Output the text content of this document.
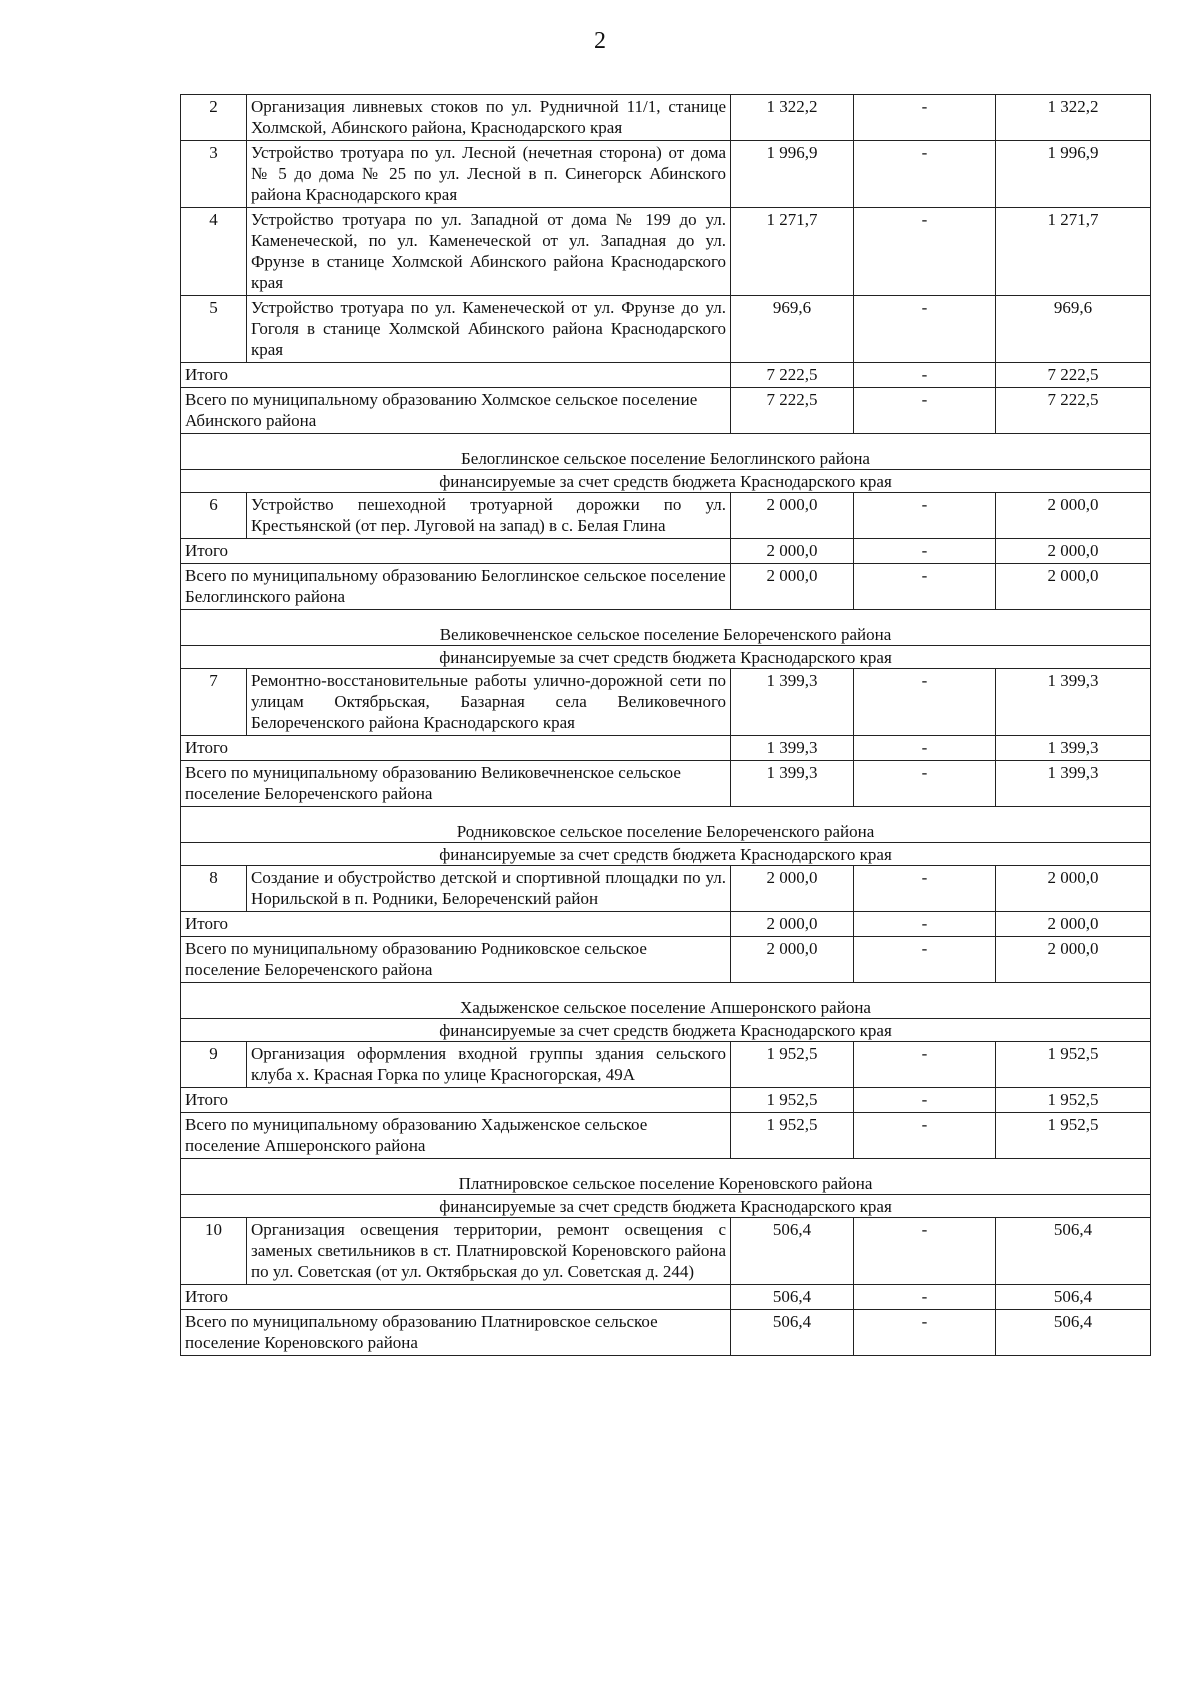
2
2	Организация ливневых стоков по ул. Рудничной 11/1, станице Холмской, Абинского района, Краснодарского края	1 322,2	-	1 322,2
3	Устройство тротуара по ул. Лесной (нечетная сторона) от дома № 5 до дома № 25 по ул. Лесной в п. Синегорск Абинского района Краснодарского края	1 996,9	-	1 996,9
4	Устройство тротуара по ул. Западной от дома № 199 до ул. Каменеческой, по ул. Каменеческой от ул. Западная до ул. Фрунзе в станице Холмской Абинского района Краснодарского края	1 271,7	-	1 271,7
5	Устройство тротуара по ул. Каменеческой от ул. Фрунзе до ул. Гоголя в станице Холмской Абинского района Краснодарского края	969,6	-	969,6
Итого		7 222,5	-	7 222,5
Всего по муниципальному образованию Холмское сельское поселение Абинского района		7 222,5	-	7 222,5
Белоглинское сельское поселение Белоглинского района				
финансируемые за счет средств бюджета Краснодарского края				
6	Устройство пешеходной тротуарной дорожки по ул. Крестьянской (от пер. Луговой на запад) в с. Белая Глина	2 000,0	-	2 000,0
Итого		2 000,0	-	2 000,0
Всего по муниципальному образованию Белоглинское сельское поселение Белоглинского района		2 000,0	-	2 000,0
Великовечненское сельское поселение Белореченского района				
финансируемые за счет средств бюджета Краснодарского края				
7	Ремонтно-восстановительные работы улично-дорожной сети по улицам Октябрьская, Базарная села Великовечного Белореченского района Краснодарского края	1 399,3	-	1 399,3
Итого		1 399,3	-	1 399,3
Всего по муниципальному образованию Великовечненское сельское поселение Белореченского района		1 399,3	-	1 399,3
Родниковское сельское поселение Белореченского района				
финансируемые за счет средств бюджета Краснодарского края				
8	Создание и обустройство детской и спортивной площадки по ул. Норильской в п. Родники, Белореченский район	2 000,0	-	2 000,0
Итого		2 000,0	-	2 000,0
Всего по муниципальному образованию Родниковское сельское поселение Белореченского района		2 000,0	-	2 000,0
Хадыженское сельское поселение Апшеронского района				
финансируемые за счет средств бюджета Краснодарского края				
9	Организация оформления входной группы здания сельского клуба х. Красная Горка по улице Красногорская, 49А	1 952,5	-	1 952,5
Итого		1 952,5	-	1 952,5
Всего по муниципальному образованию Хадыженское сельское поселение Апшеронского района		1 952,5	-	1 952,5
Платнировское сельское поселение Кореновского района				
финансируемые за счет средств бюджета Краснодарского края				
10	Организация освещения территории, ремонт освещения с заменых светильников в ст. Платнировской Кореновского района по ул. Советская (от ул. Октябрьская до ул. Советская д. 244)	506,4	-	506,4
Итого		506,4	-	506,4
Всего по муниципальному образованию Платнировское сельское поселение Кореновского района		506,4	-	506,4
